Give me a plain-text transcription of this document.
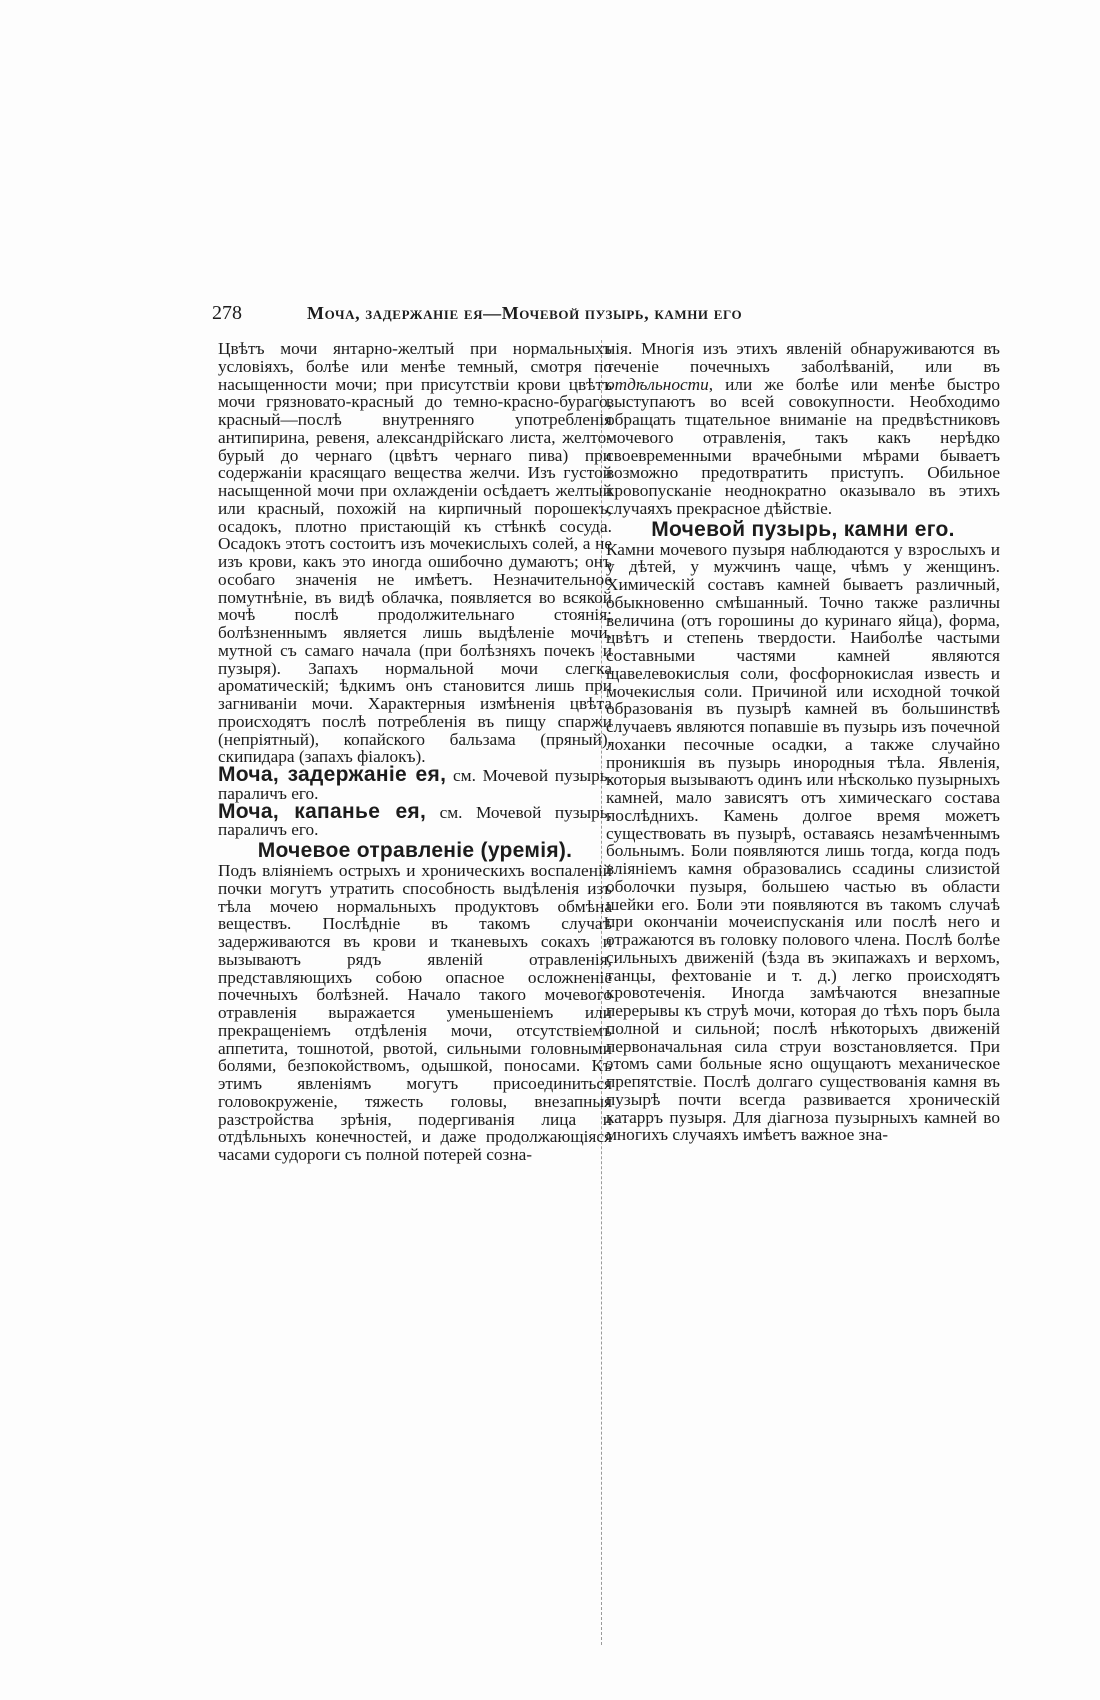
278	Моча, задержаніе ея—Мочевой пузырь, камни его

Цвѣтъ мочи янтарно-желтый при нормальныхъ условіяхъ, болѣе или менѣе темный, смотря по насыщенности мочи; при присутствіи крови цвѣтъ мочи грязновато-красный до темно-красно-бураго, красный—послѣ внутренняго употребленія антипирина, ревеня, александрійскаго листа, желто-бурый до чернаго (цвѣтъ чернаго пива) при содержаніи красящаго вещества желчи. Изъ густой насыщенной мочи при охлажденіи осѣдаетъ желтый или красный, похожій на кирпичный порошекъ, осадокъ, плотно пристающій къ стѣнкѣ сосуда. Осадокъ этотъ состоитъ изъ мочекислыхъ солей, а не изъ крови, какъ это иногда ошибочно думаютъ; онъ особаго значенія не имѣетъ. Незначительное помутнѣніе, въ видѣ облачка, появляется во всякой мочѣ послѣ продолжительнаго стоянія; болѣзненнымъ является лишь выдѣленіе мочи, мутной съ самаго начала (при болѣзняхъ почекъ и пузыря). Запахъ нормальной мочи слегка ароматическій; ѣдкимъ онъ становится лишь при загниваніи мочи. Характерныя измѣненія цвѣта происходятъ послѣ потребленія въ пищу спаржи (непріятный), копайского бальзама (пряный), скипидара (запахъ фіалокъ).

Моча, задержаніе ея, см. Мочевой пузырь, параличъ его.

Моча, капанье ея, см. Мочевой пузырь, параличъ его.

Мочевое отравленіе (уремія).

Подъ вліяніемъ острыхъ и хроническихъ воспаленій почки могутъ утратить способность выдѣленія изъ тѣла мочею нормальныхъ продуктовъ обмѣна веществъ. Послѣдніе въ такомъ случаѣ задерживаются въ крови и тканевыхъ сокахъ и вызываютъ рядъ явленій отравленія, представляющихъ собою опасное осложненіе почечныхъ болѣзней. Начало такого мочевого отравленія выражается уменьшеніемъ или прекращеніемъ отдѣленія мочи, отсутствіемъ аппетита, тошнотой, рвотой, сильными головными болями, безпокойствомъ, одышкой, поносами. Къ этимъ явленіямъ могутъ присоединиться головокруженіе, тяжесть головы, внезапныя разстройства зрѣнія, подергиванія лица и отдѣльныхъ конечностей, и даже продолжающіяся часами судороги съ полной потерей созна-

нія. Многія изъ этихъ явленій обнаруживаются въ теченіе почечныхъ заболѣваній, или въ отдѣльности, или же болѣе или менѣе быстро выступаютъ во всей совокупности. Необходимо обращать тщательное вниманіе на предвѣстниковъ мочевого отравленія, такъ какъ нерѣдко своевременными врачебными мѣрами бываетъ возможно предотвратить приступъ. Обильное кровопусканіе неоднократно оказывало въ этихъ случаяхъ прекрасное дѣйствіе.

Мочевой пузырь, камни его.

Камни мочевого пузыря наблюдаются у взрослыхъ и у дѣтей, у мужчинъ чаще, чѣмъ у женщинъ. Химическій составъ камней бываетъ различный, обыкновенно смѣшанный. Точно также различны величина (отъ горошины до куринаго яйца), форма, цвѣтъ и степень твердости. Наиболѣе частыми составными частями камней являются щавелевокислыя соли, фосфорнокислая известь и мочекислыя соли. Причиной или исходной точкой образованія въ пузырѣ камней въ большинствѣ случаевъ являются попавшіе въ пузырь изъ почечной лоханки песочные осадки, а также случайно проникшія въ пузырь инородныя тѣла. Явленія, которыя вызываютъ одинъ или нѣсколько пузырныхъ камней, мало зависятъ отъ химическаго состава послѣднихъ. Камень долгое время можетъ существовать въ пузырѣ, оставаясь незамѣченнымъ больнымъ. Боли появляются лишь тогда, когда подъ вліяніемъ камня образовались ссадины слизистой оболочки пузыря, большею частью въ области шейки его. Боли эти появляются въ такомъ случаѣ при окончаніи мочеиспусканія или послѣ него и отражаются въ головку полового члена. Послѣ болѣе сильныхъ движеній (ѣзда въ экипажахъ и верхомъ, танцы, фехтованіе и т. д.) легко происходятъ кровотеченія. Иногда замѣчаются внезапные перерывы къ струѣ мочи, которая до тѣхъ поръ была полной и сильной; послѣ нѣкоторыхъ движеній первоначальная сила струи возстановляется. При этомъ сами больные ясно ощущаютъ механическое препятствіе. Послѣ долгаго существованія камня въ пузырѣ почти всегда развивается хроническій катарръ пузыря. Для діагноза пузырныхъ камней во многихъ случаяхъ имѣетъ важное зна-
